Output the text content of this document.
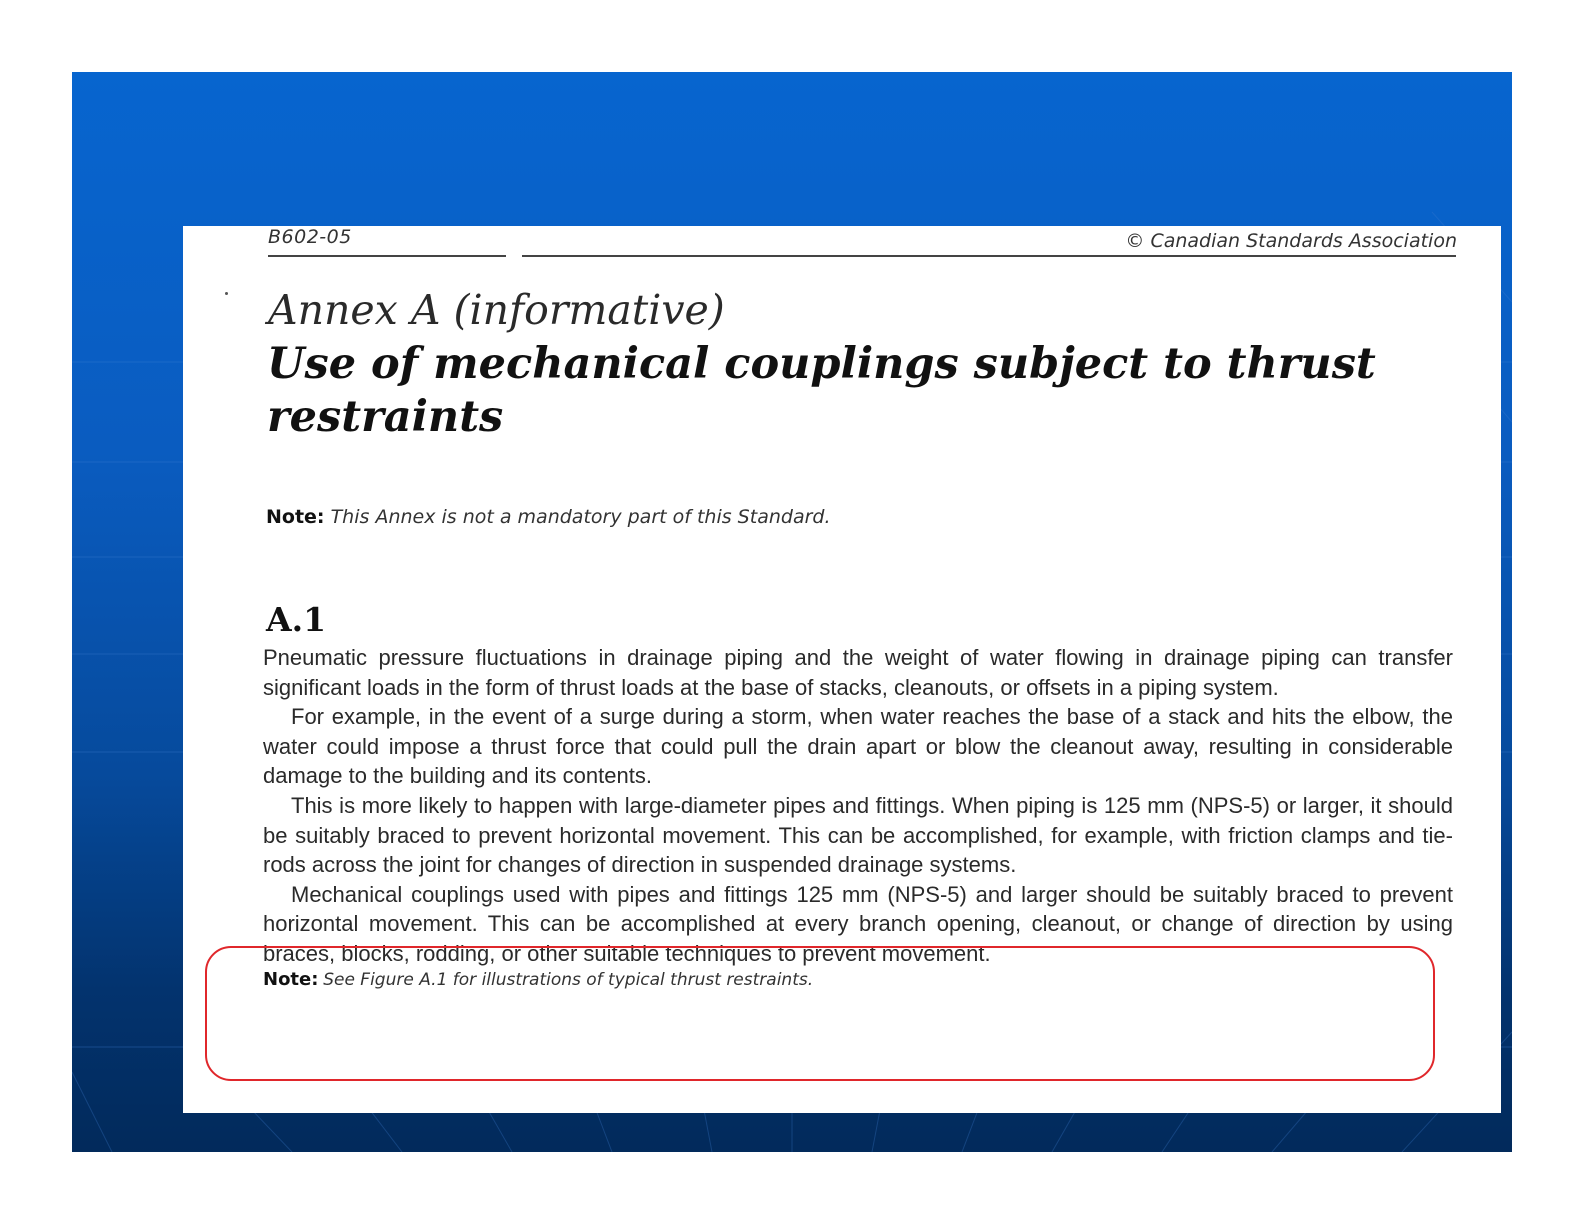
B602-05	© Canadian Standards Association
Annex A (informative)
Use of mechanical couplings subject to thrust restraints
Note: This Annex is not a mandatory part of this Standard.
A.1

Pneumatic pressure fluctuations in drainage piping and the weight of water flowing in drainage piping can transfer significant loads in the form of thrust loads at the base of stacks, cleanouts, or offsets in a piping system.

For example, in the event of a surge during a storm, when water reaches the base of a stack and hits the elbow, the water could impose a thrust force that could pull the drain apart or blow the cleanout away, resulting in considerable damage to the building and its contents.

This is more likely to happen with large-diameter pipes and fittings. When piping is 125 mm (NPS-5) or larger, it should be suitably braced to prevent horizontal movement. This can be accomplished, for example, with friction clamps and tie-rods across the joint for changes of direction in suspended drainage systems.

Mechanical couplings used with pipes and fittings 125 mm (NPS-5) and larger should be suitably braced to prevent horizontal movement. This can be accomplished at every branch opening, cleanout, or change of direction by using braces, blocks, rodding, or other suitable techniques to prevent movement.

Note: See Figure A.1 for illustrations of typical thrust restraints.
